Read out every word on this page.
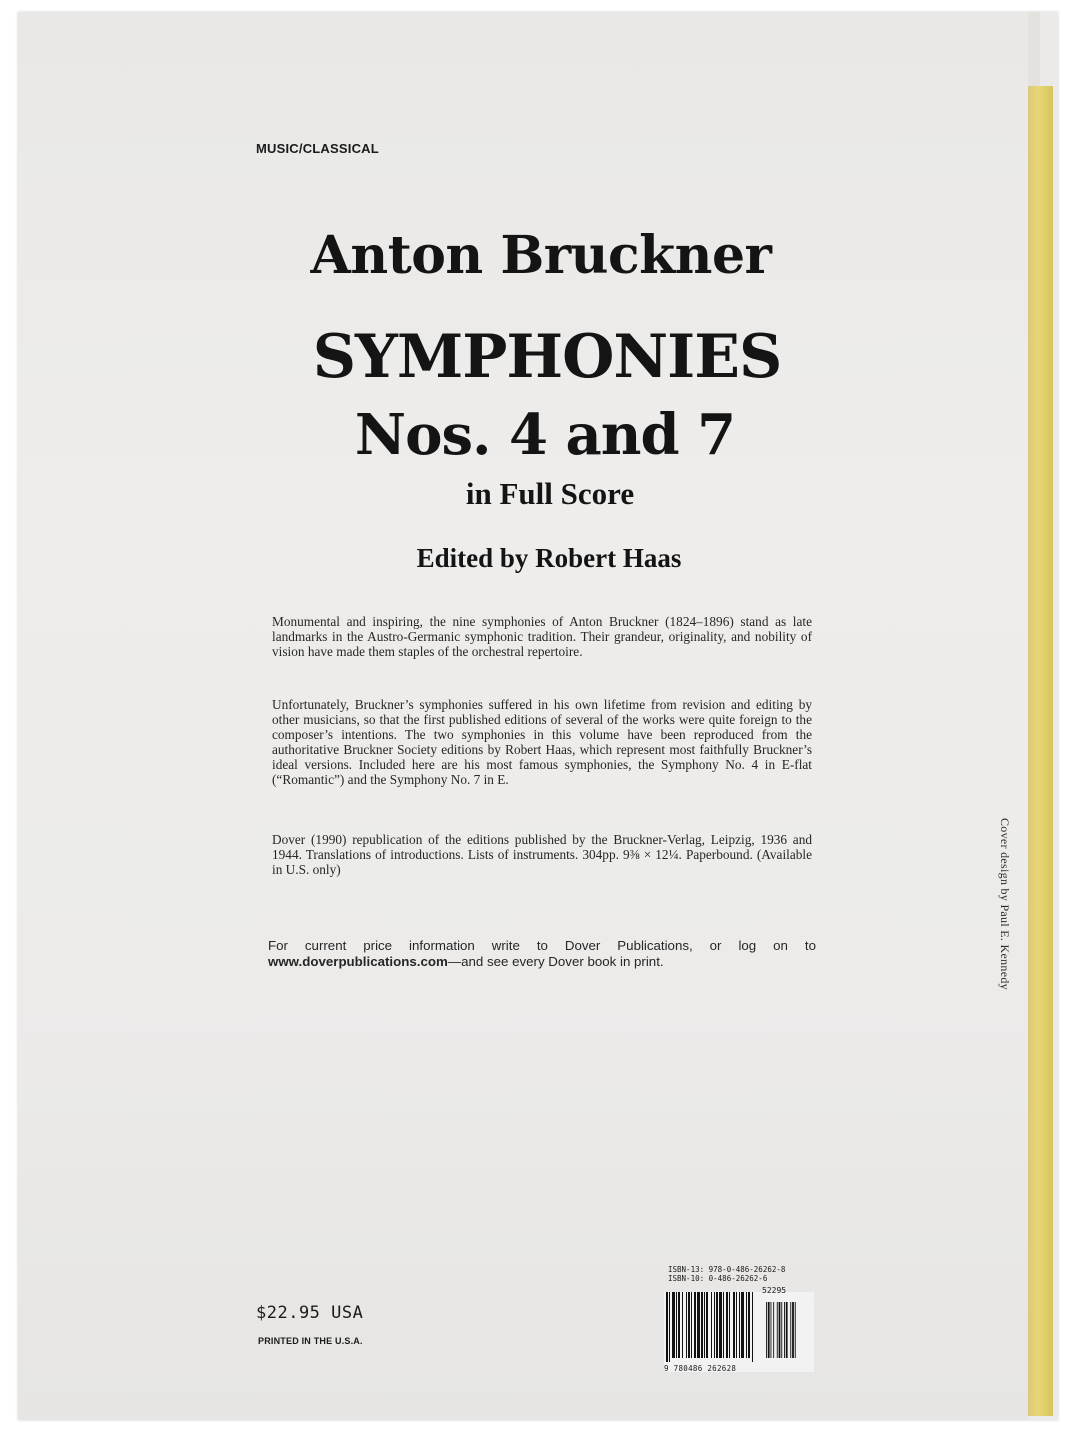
MUSIC/CLASSICAL
Anton Bruckner
SYMPHONIES
Nos. 4 and 7
in Full Score
Edited by Robert Haas

Monumental and inspiring, the nine symphonies of Anton Bruckner (1824–1896) stand as late landmarks in the Austro-Germanic symphonic tradition. Their grandeur, originality, and nobility of vision have made them staples of the orchestral repertoire.

Unfortunately, Bruckner’s symphonies suffered in his own lifetime from revision and editing by other musicians, so that the first published editions of several of the works were quite foreign to the composer’s intentions. The two symphonies in this volume have been reproduced from the authoritative Bruckner Society editions by Robert Haas, which represent most faithfully Bruckner’s ideal versions. Included here are his most famous symphonies, the Symphony No. 4 in E-flat (“Romantic”) and the Symphony No. 7 in E.

Dover (1990) republication of the editions published by the Bruckner-Verlag, Leipzig, 1936 and 1944. Translations of introductions. Lists of instruments. 304pp. 9⅜ × 12¼. Paperbound. (Available in U.S. only)

For current price information write to Dover Publications, or log on to www.doverpublications.com—and see every Dover book in print.	Cover design by Paul E. Kennedy
ISBN-13: 978-0-486-26262-8
ISBN-10: 0-486-26262-6
52295
9 780486 262628
$22.95 USA
PRINTED IN THE U.S.A.
